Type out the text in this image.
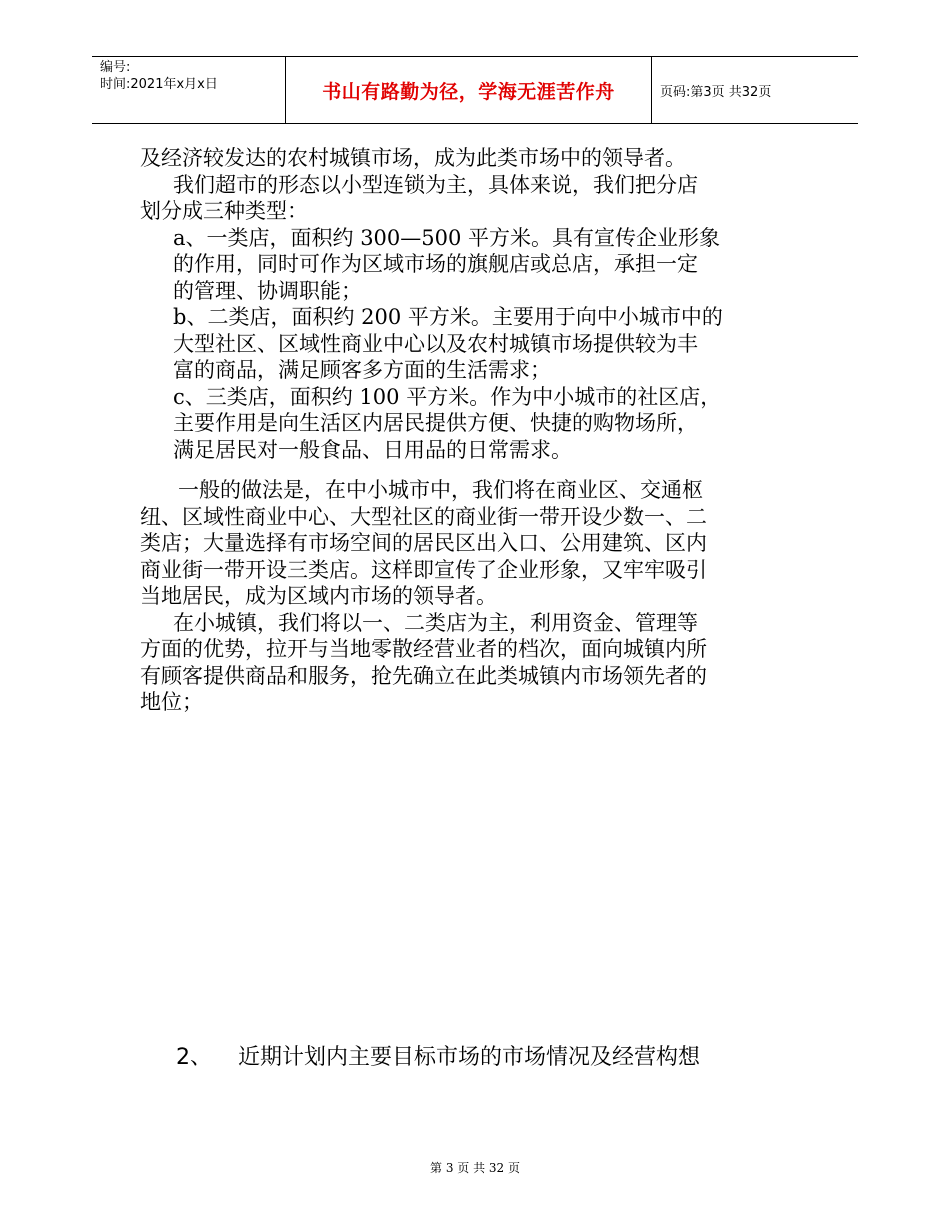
编号:
时间:2021年x月x日	书山有路勤为径，学海无涯苦作舟	页码:第3页 共32页
及经济较发达的农村城镇市场，成为此类市场中的领导者。
我们超市的形态以小型连锁为主，具体来说，我们把分店
划分成三种类型：
a、一类店，面积约 300—500 平方米。具有宣传企业形象
的作用，同时可作为区域市场的旗舰店或总店，承担一定
的管理、协调职能；
b、二类店，面积约 200 平方米。主要用于向中小城市中的
大型社区、区域性商业中心以及农村城镇市场提供较为丰
富的商品，满足顾客多方面的生活需求；
c、三类店，面积约 100 平方米。作为中小城市的社区店，
主要作用是向生活区内居民提供方便、快捷的购物场所，
满足居民对一般食品、日用品的日常需求。
一般的做法是，在中小城市中，我们将在商业区、交通枢
纽、区域性商业中心、大型社区的商业街一带开设少数一、二
类店；大量选择有市场空间的居民区出入口、公用建筑、区内
商业街一带开设三类店。这样即宣传了企业形象，又牢牢吸引
当地居民，成为区域内市场的领导者。
在小城镇，我们将以一、二类店为主，利用资金、管理等
方面的优势，拉开与当地零散经营业者的档次，面向城镇内所
有顾客提供商品和服务，抢先确立在此类城镇内市场领先者的
地位；
2、 近期计划内主要目标市场的市场情况及经营构想
第 3 页 共 32 页
